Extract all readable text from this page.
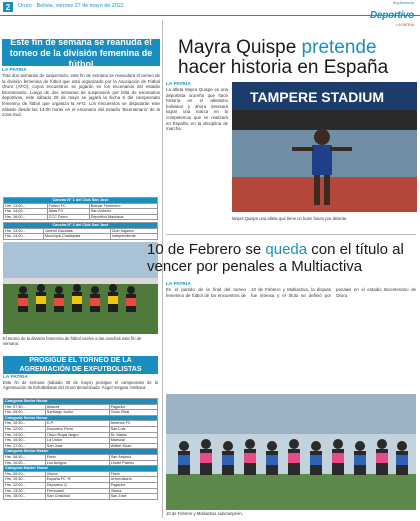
2	Oruro - Bolivia, viernes 27 de mayo de 2022
Suplemento
LA PATRIA
Este fin de semana se reanuda el torneo de la división femenina de fútbol
LA PATRIA
Tras dos semanas de suspensión, este fin de semana se reanudará el torneo de la división femenina de fútbol que está organizado por la Asociación de Fútbol Oruro (AFO), cuyos encuentros se jugarán en los escenarios del estadio Bicentenario. Luego de dos semanas de suspensión por falta de escenarios deportivos, este sábado 28 de mayo se jugará la fecha 6 del campeonato femenino de fútbol que organiza la AFO. Los encuentros se disputarán este sábado desde las 14:00 horas en el escenario del estadio 'Bicentenario' de la zona Sud.
Cancha N° 1 del Club San José		
Hrs. 13:00.-	Futuro FC	Bolívar Femenino
Hrs. 14:00.-	Atlas FC	San Antonio
Hrs. 16:00.-	CCC Oruro	Deportivo Machaca
Cancha N° 2 del Club San José		
Hrs. 13:00.-	Juvenil Gaviotas	Club Sajama
Hrs. 14:00.-	Municipal Challapata	Independiente
El torneo de la división femenina de fútbol vuelve a las canchas este fin de semana.
PROSIGUE EL TORNEO DE LA AGREMIACIÓN DE EXFUTBOLISTAS
LA PATRIA
Este fin de semana (sábado 28 de mayo) prosigue el campeonato de la Agremiación de Exfutbolistas del Oruro denominado 'Ángel Vergara Orellana'.
Categoría Senior Honor		
Hrs. 07:30.-	Alianza	Pagador
Hrs. 09:00.-	Santiago Junior	Oruro Real
Categoría Senior Honor		
Hrs. 10:30.-	D.P.	América FC
Hrs. 12:00.-	Deportivo Ferro	San Luis
Hrs. 14:00.-	Oruro Royal Negro	Dr. Matos
Hrs. 15:30.-	La Unión	Mariscal
Hrs. 17:00.-	San José	Wálter Khan
Categoría Senior Master		
Hrs. 08:30.-	Fénix	San Antonio
Hrs. 10:00.-	Los Amigos	Lindor Patrios
Categoría Master Honor		
Hrs. 09:00.-	Vitoria	Fénix
Hrs. 10:30.-	España FC 'H'	Universitario
Hrs. 12:00.-	Deportivo Q	Pagador
Hrs. 13:30.-	Ferrocarril	Vitoria
Hrs. 15:00.-	San Cristóbal	San José
Mayra Quispe pretende
hacer historia en España
LA PATRIA
La atleta Mayra Quispe es una deportista orureña que hace historia en el atletismo boliviano y ahora intentará lograr una marca en la competencia que se realizará en España, en la disciplina de marcha.
TAMPERE STADIUM
Mayra Quispe una atleta que tiene un buen futuro por delante.
10 de Febrero se queda con el título al vencer por penales a Multiactiva
LA PATRIA
En el partido de la final del torneo femenino de fútbol de los encuentros de 10 de Febrero y Multiactiva, la disputa fue intensa y el título se definió por penales en el estadio Bicentenario de Oruro.
10 de Febrero y Multiactiva subcampeón.
